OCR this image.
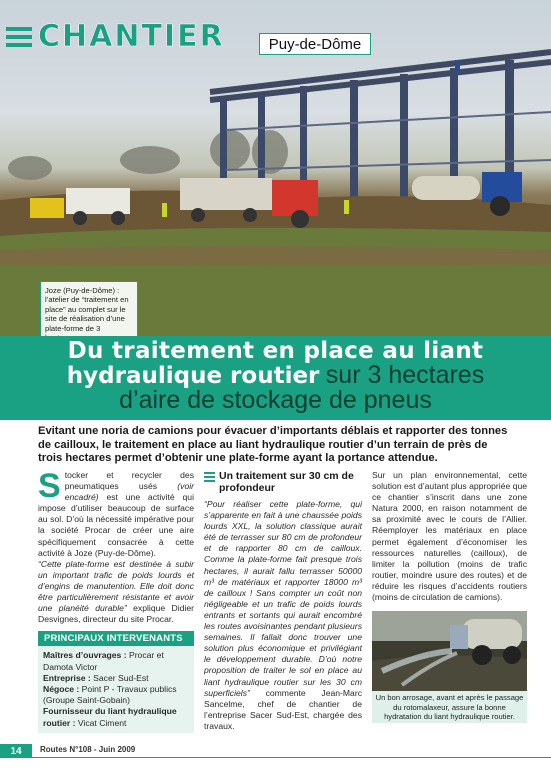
CHANTIER	Puy-de-Dôme
Joze (Puy-de-Dôme) : l’atelier de “traitement en place” au complet sur le site de réalisation d’une plate-forme de 3
Du traitement en place au liant
hydraulique routier sur 3 hectares
d’aire de stockage de pneus
Evitant une noria de camions pour évacuer d’importants déblais et rapporter des tonnes de cailloux, le traitement en place au liant hydraulique routier d’un terrain de près de trois hectares permet d’obtenir une plate-forme ayant la portance attendue.

Stocker et recycler des pneumatiques usés (voir encadré) est une activité qui impose d’utiliser beaucoup de surface au sol. D’où la nécessité impérative pour la société Procar de créer une aire spécifiquement consacrée à cette activité à Joze (Puy-de-Dôme).

“Cette plate-forme est destinée à subir un important trafic de poids lourds et d’engins de manutention. Elle doit donc être particulièrement résistante et avoir une planéité durable” explique Didier Desvignes, directeur du site Procar.

PRINCIPAUX INTERVENANTS
Maîtres d’ouvrages : Procar et Damota Victor
Entreprise : Sacer Sud-Est
Négoce : Point P - Travaux publics (Groupe Saint-Gobain)
Fournisseur du liant hydraulique routier : Vicat Ciment
Un traitement sur 30 cm de profondeur

“Pour réaliser cette plate-forme, qui s’apparente en fait à une chaussée poids lourds XXL, la solution classique aurait été de terrasser sur 80 cm de profondeur et de rapporter 80 cm de cailloux. Comme la plate-forme fait presque trois hectares, il aurait fallu terrasser 50000 m³ de matériaux et rapporter 18000 m³ de cailloux ! Sans compter un coût non négligeable et un trafic de poids lourds entrants et sortants qui aurait encombré les routes avoisinantes pendant plusieurs semaines. Il fallait donc trouver une solution plus économique et privilégiant le développement durable. D’où notre proposition de traiter le sol en place au liant hydraulique routier sur les 30 cm superficiels” commente Jean-Marc Sancelme, chef de chantier de l’entreprise Sacer Sud-Est, chargée des travaux.

Sur un plan environnemental, cette solution est d’autant plus appropriée que ce chantier s’inscrit dans une zone Natura 2000, en raison notamment de sa proximité avec le cours de l’Allier. Réemployer les matériaux en place permet également d’économiser les ressources naturelles (cailloux), de limiter la pollution (moins de trafic routier, moindre usure des routes) et de réduire les risques d’accidents routiers (moins de circulation de camions).

Un bon arrosage, avant et après le passage du rotomalaxeur, assure la bonne hydratation du liant hydraulique routier.
14	Routes N°108 - Juin 2009
